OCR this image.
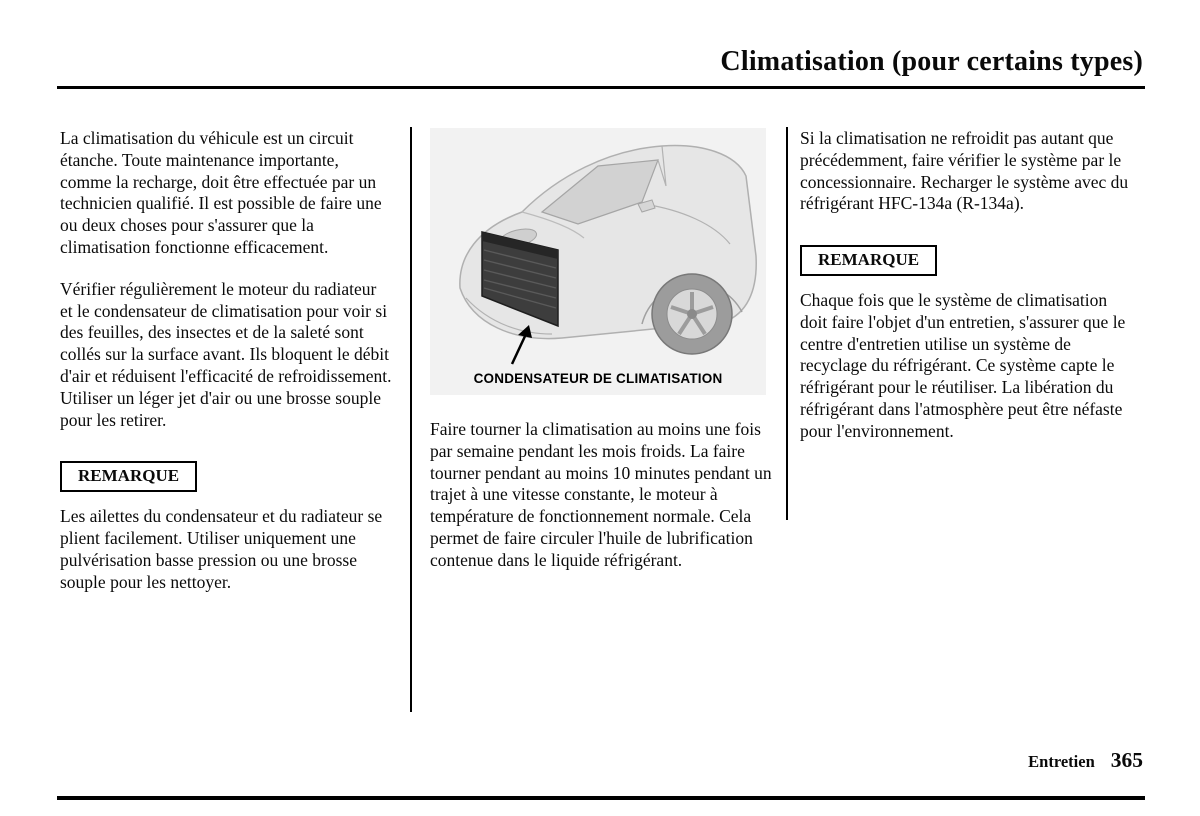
Climatisation (pour certains types)

La climatisation du véhicule est un circuit étanche. Toute maintenance importante, comme la recharge, doit être effectuée par un technicien qualifié. Il est possible de faire une ou deux choses pour s'assurer que la climatisation fonctionne efficacement.

Vérifier régulièrement le moteur du radiateur et le condensateur de climatisation pour voir si des feuilles, des insectes et de la saleté sont collés sur la surface avant. Ils bloquent le débit d'air et réduisent l'efficacité de refroidissement. Utiliser un léger jet d'air ou une brosse souple pour les retirer.

REMARQUE

Les ailettes du condensateur et du radiateur se plient facilement. Utiliser uniquement une pulvérisation basse pression ou une brosse souple pour les nettoyer.

CONDENSATEUR DE CLIMATISATION

Faire tourner la climatisation au moins une fois par semaine pendant les mois froids. La faire tourner pendant au moins 10 minutes pendant un trajet à une vitesse constante, le moteur à température de fonctionnement normale. Cela permet de faire circuler l'huile de lubrification contenue dans le liquide réfrigérant.

Si la climatisation ne refroidit pas autant que précédemment, faire vérifier le système par le concessionnaire. Recharger le système avec du réfrigérant HFC-134a (R-134a).

REMARQUE

Chaque fois que le système de climatisation doit faire l'objet d'un entretien, s'assurer que le centre d'entretien utilise un système de recyclage du réfrigérant. Ce système capte le réfrigérant pour le réutiliser. La libération du réfrigérant dans l'atmosphère peut être néfaste pour l'environnement.

Entretien 365
